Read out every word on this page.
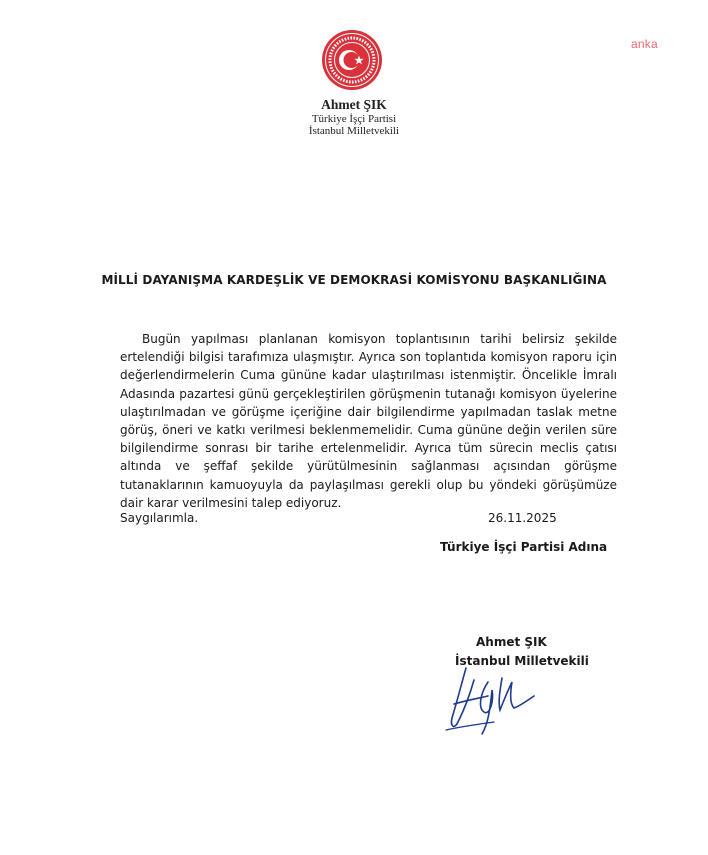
anka
Ahmet ŞIK
Türkiye İşçi Partisi
İstanbul Milletvekili
MİLLİ DAYANIŞMA KARDEŞLİK VE DEMOKRASİ KOMİSYONU BAŞKANLIĞINA

Bugün yapılması planlanan komisyon toplantısının tarihi belirsiz şekilde ertelendiği bilgisi tarafımıza ulaşmıştır. Ayrıca son toplantıda komisyon raporu için değerlendirmelerin Cuma gününe kadar ulaştırılması istenmiştir. Öncelikle İmralı Adasında pazartesi günü gerçekleştirilen görüşmenin tutanağı komisyon üyelerine ulaştırılmadan ve görüşme içeriğine dair bilgilendirme yapılmadan taslak metne görüş, öneri ve katkı verilmesi beklenmemelidir. Cuma gününe değin verilen süre bilgilendirme sonrası bir tarihe ertelenmelidir. Ayrıca tüm sürecin meclis çatısı altında ve şeffaf şekilde yürütülmesinin sağlanması açısından görüşme tutanaklarının kamuoyuyla da paylaşılması gerekli olup bu yöndeki görüşümüze dair karar verilmesini talep ediyoruz.

Saygılarımla.	26.11.2025
Türkiye İşçi Partisi Adına
Ahmet ŞIK
İstanbul Milletvekili
